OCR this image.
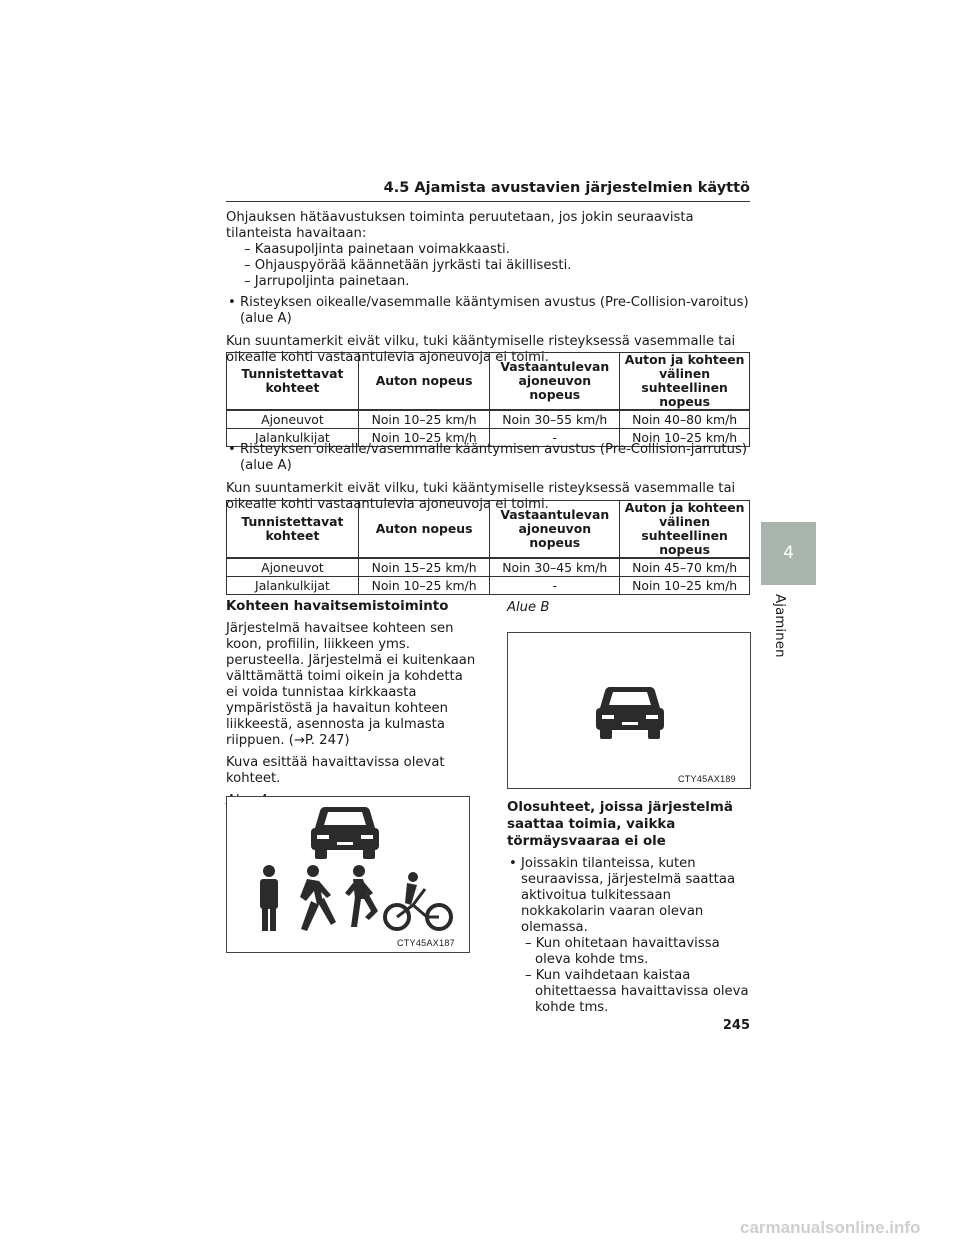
4.5 Ajamista avustavien järjestelmien käyttö

Ohjauksen hätäavustuksen toiminta peruutetaan, jos jokin seuraavista tilanteista havaitaan:

– Kaasupoljinta painetaan voimakkaasti.

– Ohjauspyörää käännetään jyrkästi tai äkillisesti.

– Jarrupoljinta painetaan.

• Risteyksen oikealle/vasemmalle kääntymisen avustus (Pre-Collision-varoitus) (alue A)

Kun suuntamerkit eivät vilku, tuki kääntymiselle risteyksessä vasemmalle tai oikealle kohti vastaantulevia ajoneuvoja ei toimi.

Tunnistettavat kohteet	Auton nopeus	Vastaantulevan ajoneuvon nopeus	Auton ja kohteen välinen suhteellinen nopeus
Ajoneuvot	Noin 10–25 km/h	Noin 30–55 km/h	Noin 40–80 km/h
Jalankulkijat	Noin 10–25 km/h	-	Noin 10–25 km/h

• Risteyksen oikealle/vasemmalle kääntymisen avustus (Pre-Collision-jarrutus) (alue A)

Kun suuntamerkit eivät vilku, tuki kääntymiselle risteyksessä vasemmalle tai oikealle kohti vastaantulevia ajoneuvoja ei toimi.

Tunnistettavat kohteet	Auton nopeus	Vastaantulevan ajoneuvon nopeus	Auton ja kohteen välinen suhteellinen nopeus
Ajoneuvot	Noin 15–25 km/h	Noin 30–45 km/h	Noin 45–70 km/h
Jalankulkijat	Noin 10–25 km/h	-	Noin 10–25 km/h
Kohteen havaitsemistoiminto

Järjestelmä havaitsee kohteen sen koon, profiilin, liikkeen yms. perusteella. Järjestelmä ei kuitenkaan välttämättä toimi oikein ja kohdetta ei voida tunnistaa kirkkaasta ympäristöstä ja havaitun kohteen liikkeestä, asennosta ja kulmasta riippuen. (→P. 247)

Kuva esittää havaittavissa olevat kohteet.

CTY45AX187
Alue B
CTY45AX189
Olosuhteet, joissa järjestelmä saattaa toimia, vaikka törmäysvaaraa ei ole

• Joissakin tilanteissa, kuten seuraavissa, järjestelmä saattaa aktivoitua tulkitessaan nokkakolarin vaaran olevan olemassa.

– Kun ohitetaan havaittavissa oleva kohde tms.

– Kun vaihdetaan kaistaa ohitettaessa havaittavissa oleva kohde tms.

4
Ajaminen
245
carmanualsonline.info
